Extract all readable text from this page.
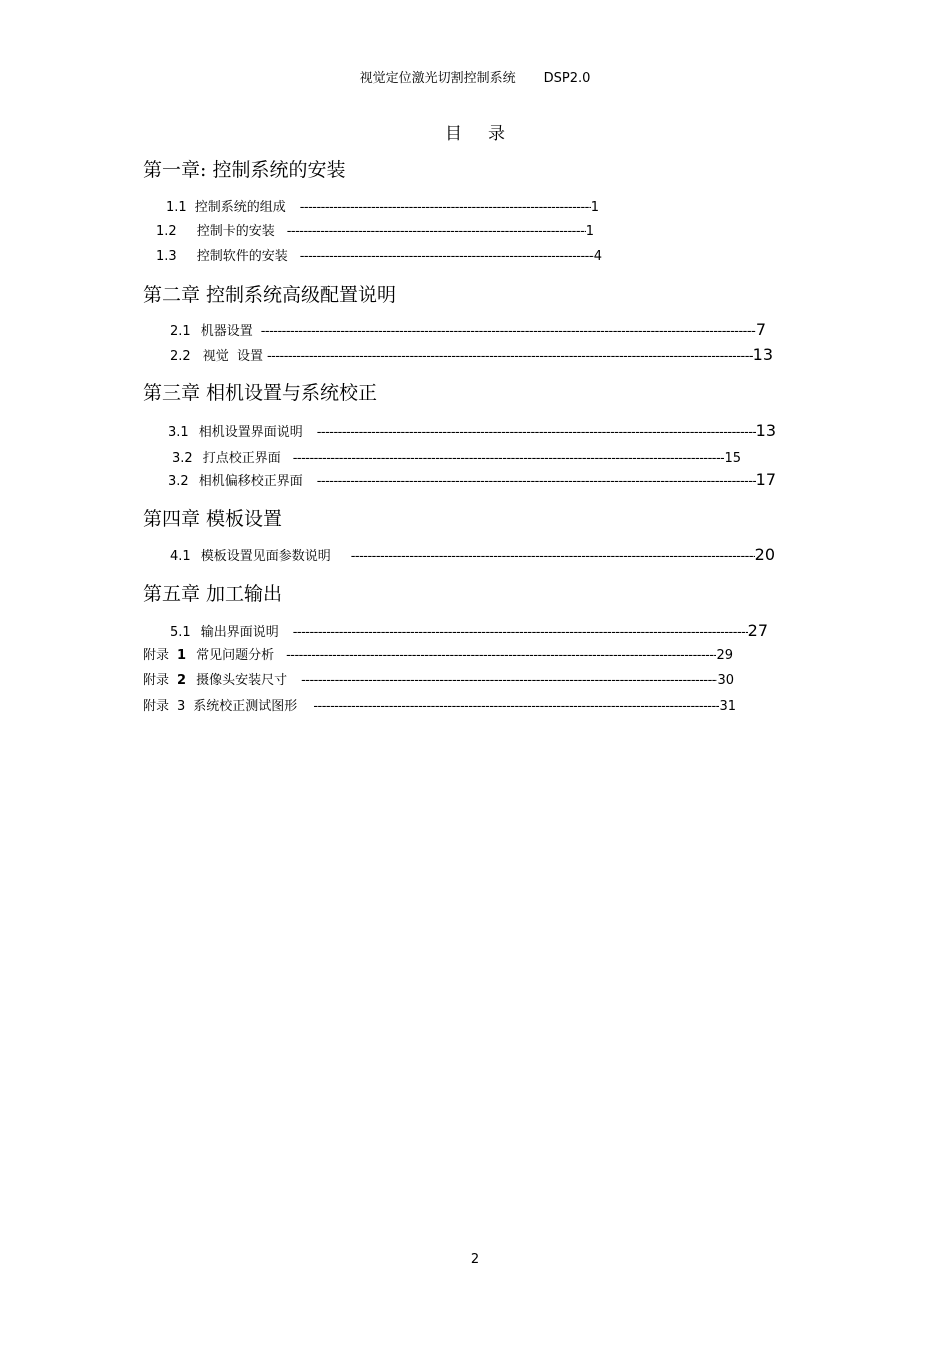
视觉定位激光切割控制系统 DSP2.0
目录
第一章: 控制系统的安装
1.1 控制系统的组成 -----	1
1.2 控制卡的安装 -----	1
1.3 控制软件的安装 -----	4
第二章 控制系统高级配置说明
2.1 机器设置 -----	7
2.2 视觉  设置 -----	13
第三章 相机设置与系统校正
3.1 相机设置界面说明 -----	13
3.2 打点校正界面 -----	15
3.2 相机偏移校正界面 -----	17
第四章 模板设置
4.1 模板设置见面参数说明 -----	20
第五章 加工输出
5.1 输出界面说明 -----	27
附录 1 常见问题分析 -----	29
附录 2 摄像头安装尺寸 -----	30
附录 3 系统校正测试图形 -----	31
2
